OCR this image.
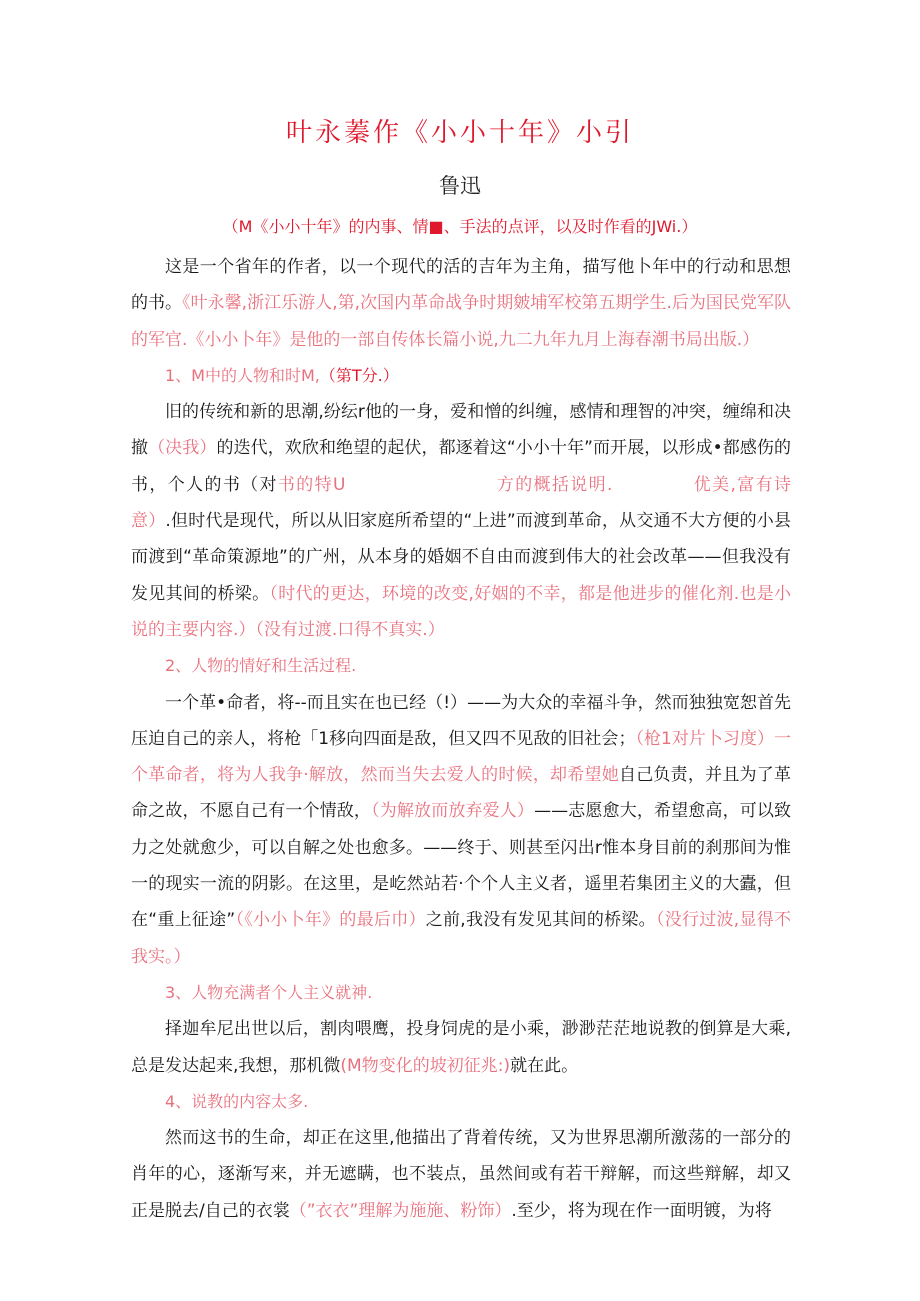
叶永蓁作《小小十年》小引
鲁迅
（M《小小十年》的内事、情■、手法的点评，以及时作看的JWi.）

这是一个省年的作者，以一个现代的活的吉年为主角，描写他卜年中的行动和思想的书。《叶永馨,浙江乐游人,第,次国内革命战争时期皴埔军校第五期学生.后为国民党军队的军官.《小小卜年》是他的一部自传体长篇小说,九二九年九月上海春潮书局出版.）

1、M中的人物和时M,（第T分.）

旧的传统和新的思潮,纷纭r他的一身，爱和憎的纠缠，感情和理智的冲突，缠绵和决撤（决我）的迭代，欢欣和绝望的起伏，都逐着这“小小十年”而开展，以形成•都感伤的书，个人的书（对书的特U	方的概括说明.	优美,富有诗意）.但时代是现代，所以从旧家庭所希望的“上进”而渡到革命，从交通不大方便的小县而渡到“革命策源地”的广州，从本身的婚姻不自由而渡到伟大的社会改革——但我没有发见其间的桥梁。（时代的更达，环境的改变,好姻的不幸，都是他进步的催化剂.也是小说的主要内容.）（没有过渡.口得不真实.）

2、人物的情好和生活过程.

一个革•命者，将--而且实在也已经（!）——为大众的幸福斗争，然而独独宽恕首先压迫自己的亲人，将枪「1移向四面是敌，但又四不见敌的旧社会；（枪1对片卜习度）一个革命者，将为人我争·解放，然而当失去爱人的时候，却希望她自己负责，并且为了革命之故，不愿自己有一个情敌，（为解放而放弃爱人）——志愿愈大，希望愈高，可以致力之处就愈少，可以自解之处也愈多。——终于、则甚至闪出r惟本身目前的刹那间为惟一的现实一流的阴影。在这里，是屹然站若·个个人主义者，遥里若集团主义的大蠹，但在“重上征途”（《小小卜年》的最后巾）之前,我没有发见其间的桥梁。（没行过波,显得不我实。）

3、人物充满者个人主义就神.

择迦牟尼出世以后，割肉喂鹰，投身饲虎的是小乘，渺渺茫茫地说教的倒算是大乘,总是发达起来,我想，那机微(M物变化的坡初征兆:)就在此。

4、说教的内容太多.

然而这书的生命，却正在这里,他描出了背着传统，又为世界思潮所激荡的一部分的肖年的心，逐渐写来，并无遮瞒，也不装点，虽然间或有若干辩解，而这些辩解，却又正是脱去/自己的衣裳（”衣衣”理解为施施、粉饰）.至少，将为现在作一面明镀，为将
